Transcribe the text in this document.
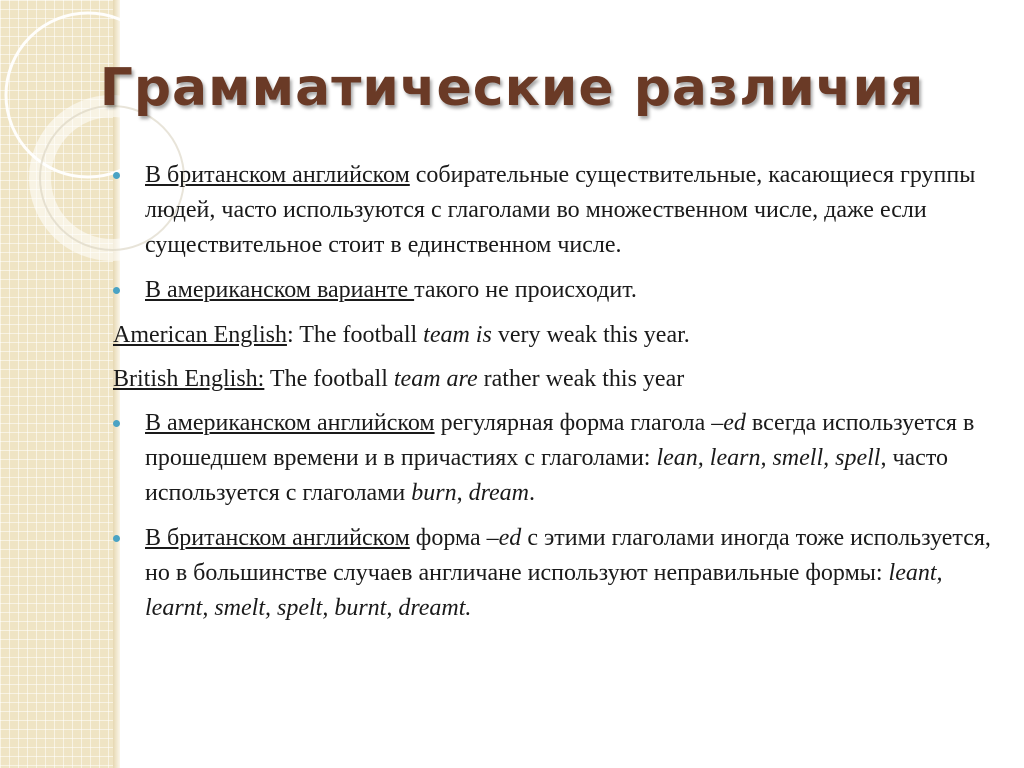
Грамматические различия

В британском английском собирательные существительные, касающиеся группы людей, часто используются с глаголами во множественном числе, даже если существительное стоит в единственном числе.

В американском варианте такого не происходит.

American English: The football team is very weak this year.

British English: The football team are rather weak this year

В американском английском регулярная форма глагола –ed всегда используется в прошедшем времени и в причастиях с глаголами: lean, learn, smell, spell, часто используется с глаголами burn, dream.

В британском английском форма –ed с этими глаголами иногда тоже используется, но в большинстве случаев англичане используют неправильные формы: leant, learnt, smelt, spelt, burnt, dreamt.
